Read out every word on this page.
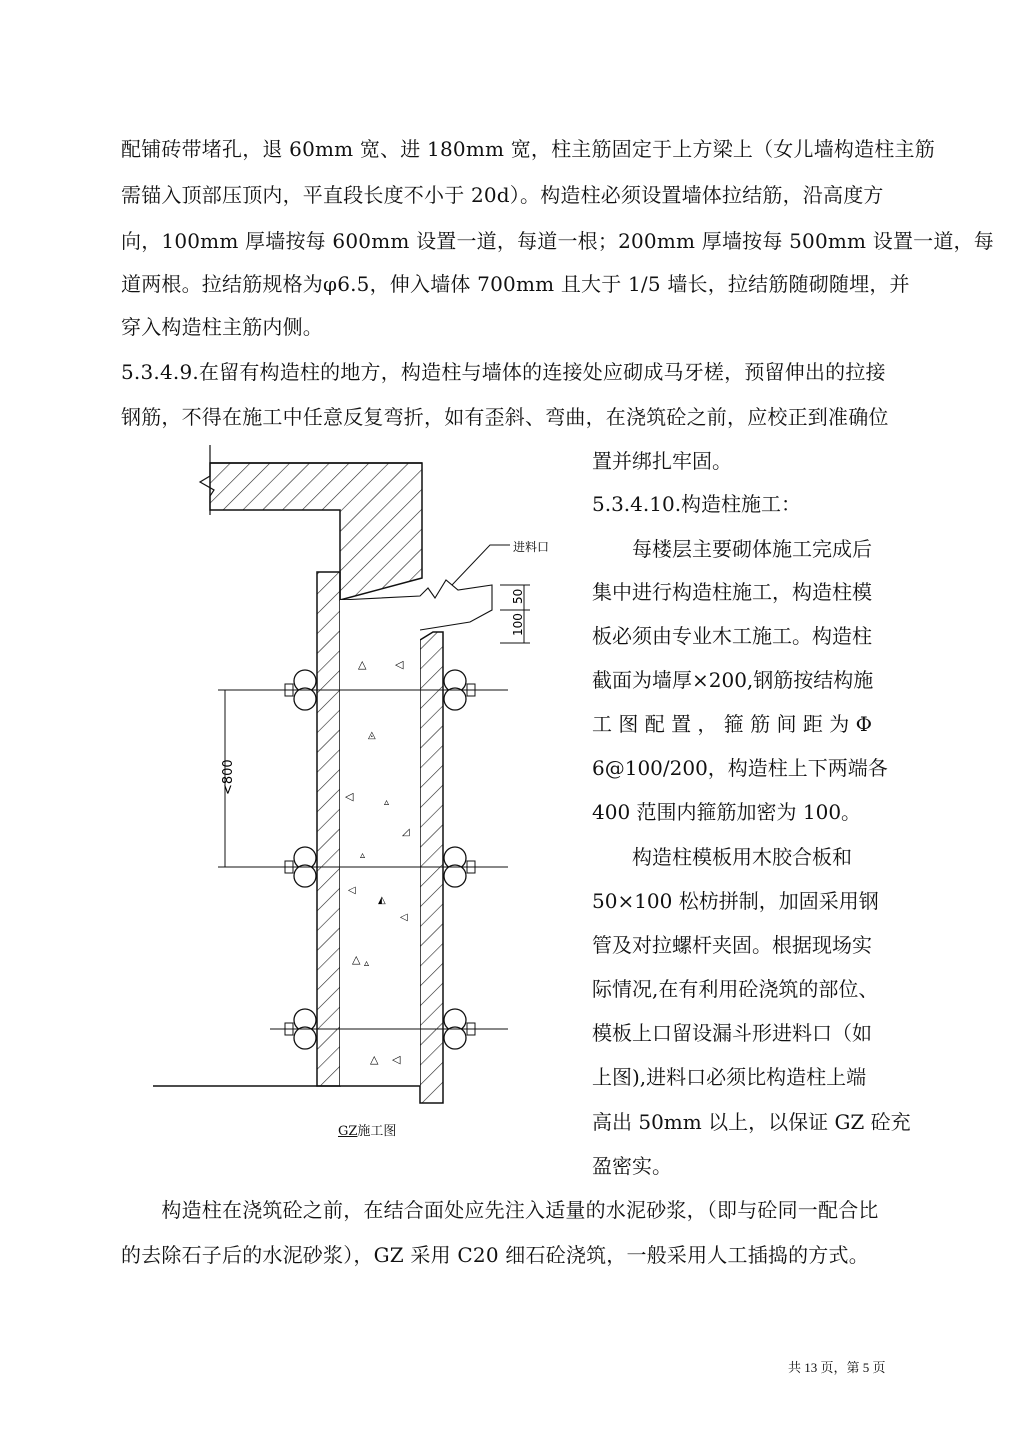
配铺砖带堵孔，退 60mm 宽、进 180mm 宽，柱主筋固定于上方梁上（女儿墙构造柱主筋
需锚入顶部压顶内，平直段长度不小于 20d）。构造柱必须设置墙体拉结筋，沿高度方
向，100mm 厚墙按每 600mm 设置一道，每道一根；200mm 厚墙按每 500mm 设置一道，每
道两根。拉结筋规格为φ6.5，伸入墙体 700mm 且大于 1/5 墙长，拉结筋随砌随埋，并
穿入构造柱主筋内侧。
5.3.4.9.在留有构造柱的地方，构造柱与墙体的连接处应砌成马牙槎，预留伸出的拉接
钢筋，不得在施工中任意反复弯折，如有歪斜、弯曲，在浇筑砼之前，应校正到准确位
置并绑扎牢固。
5.3.4.10.构造柱施工：
　　每楼层主要砌体施工完成后
集中进行构造柱施工，构造柱模
板必须由专业木工施工。构造柱
截面为墙厚×200,钢筋按结构施
工 图 配 置 ， 箍 筋 间 距 为 Φ
6@100/200，构造柱上下两端各
400 范围内箍筋加密为 100。
　　构造柱模板用木胶合板和
50×100 松枋拼制，加固采用钢
管及对拉螺杆夹固。根据现场实
际情况,在有利用砼浇筑的部位、
模板上口留设漏斗形进料口（如
上图),进料口必须比构造柱上端
高出 50mm 以上，以保证 GZ 砼充
盈密实。
进料口
△	◁
◬
◁	▵
◿
▵
◁
◭
◁
△ ▵
△ ◁
<800
50
100
GZ施工图
　　构造柱在浇筑砼之前，在结合面处应先注入适量的水泥砂浆，（即与砼同一配合比
的去除石子后的水泥砂浆），GZ 采用 C20 细石砼浇筑，一般采用人工插捣的方式。
共 13 页，第 5 页
